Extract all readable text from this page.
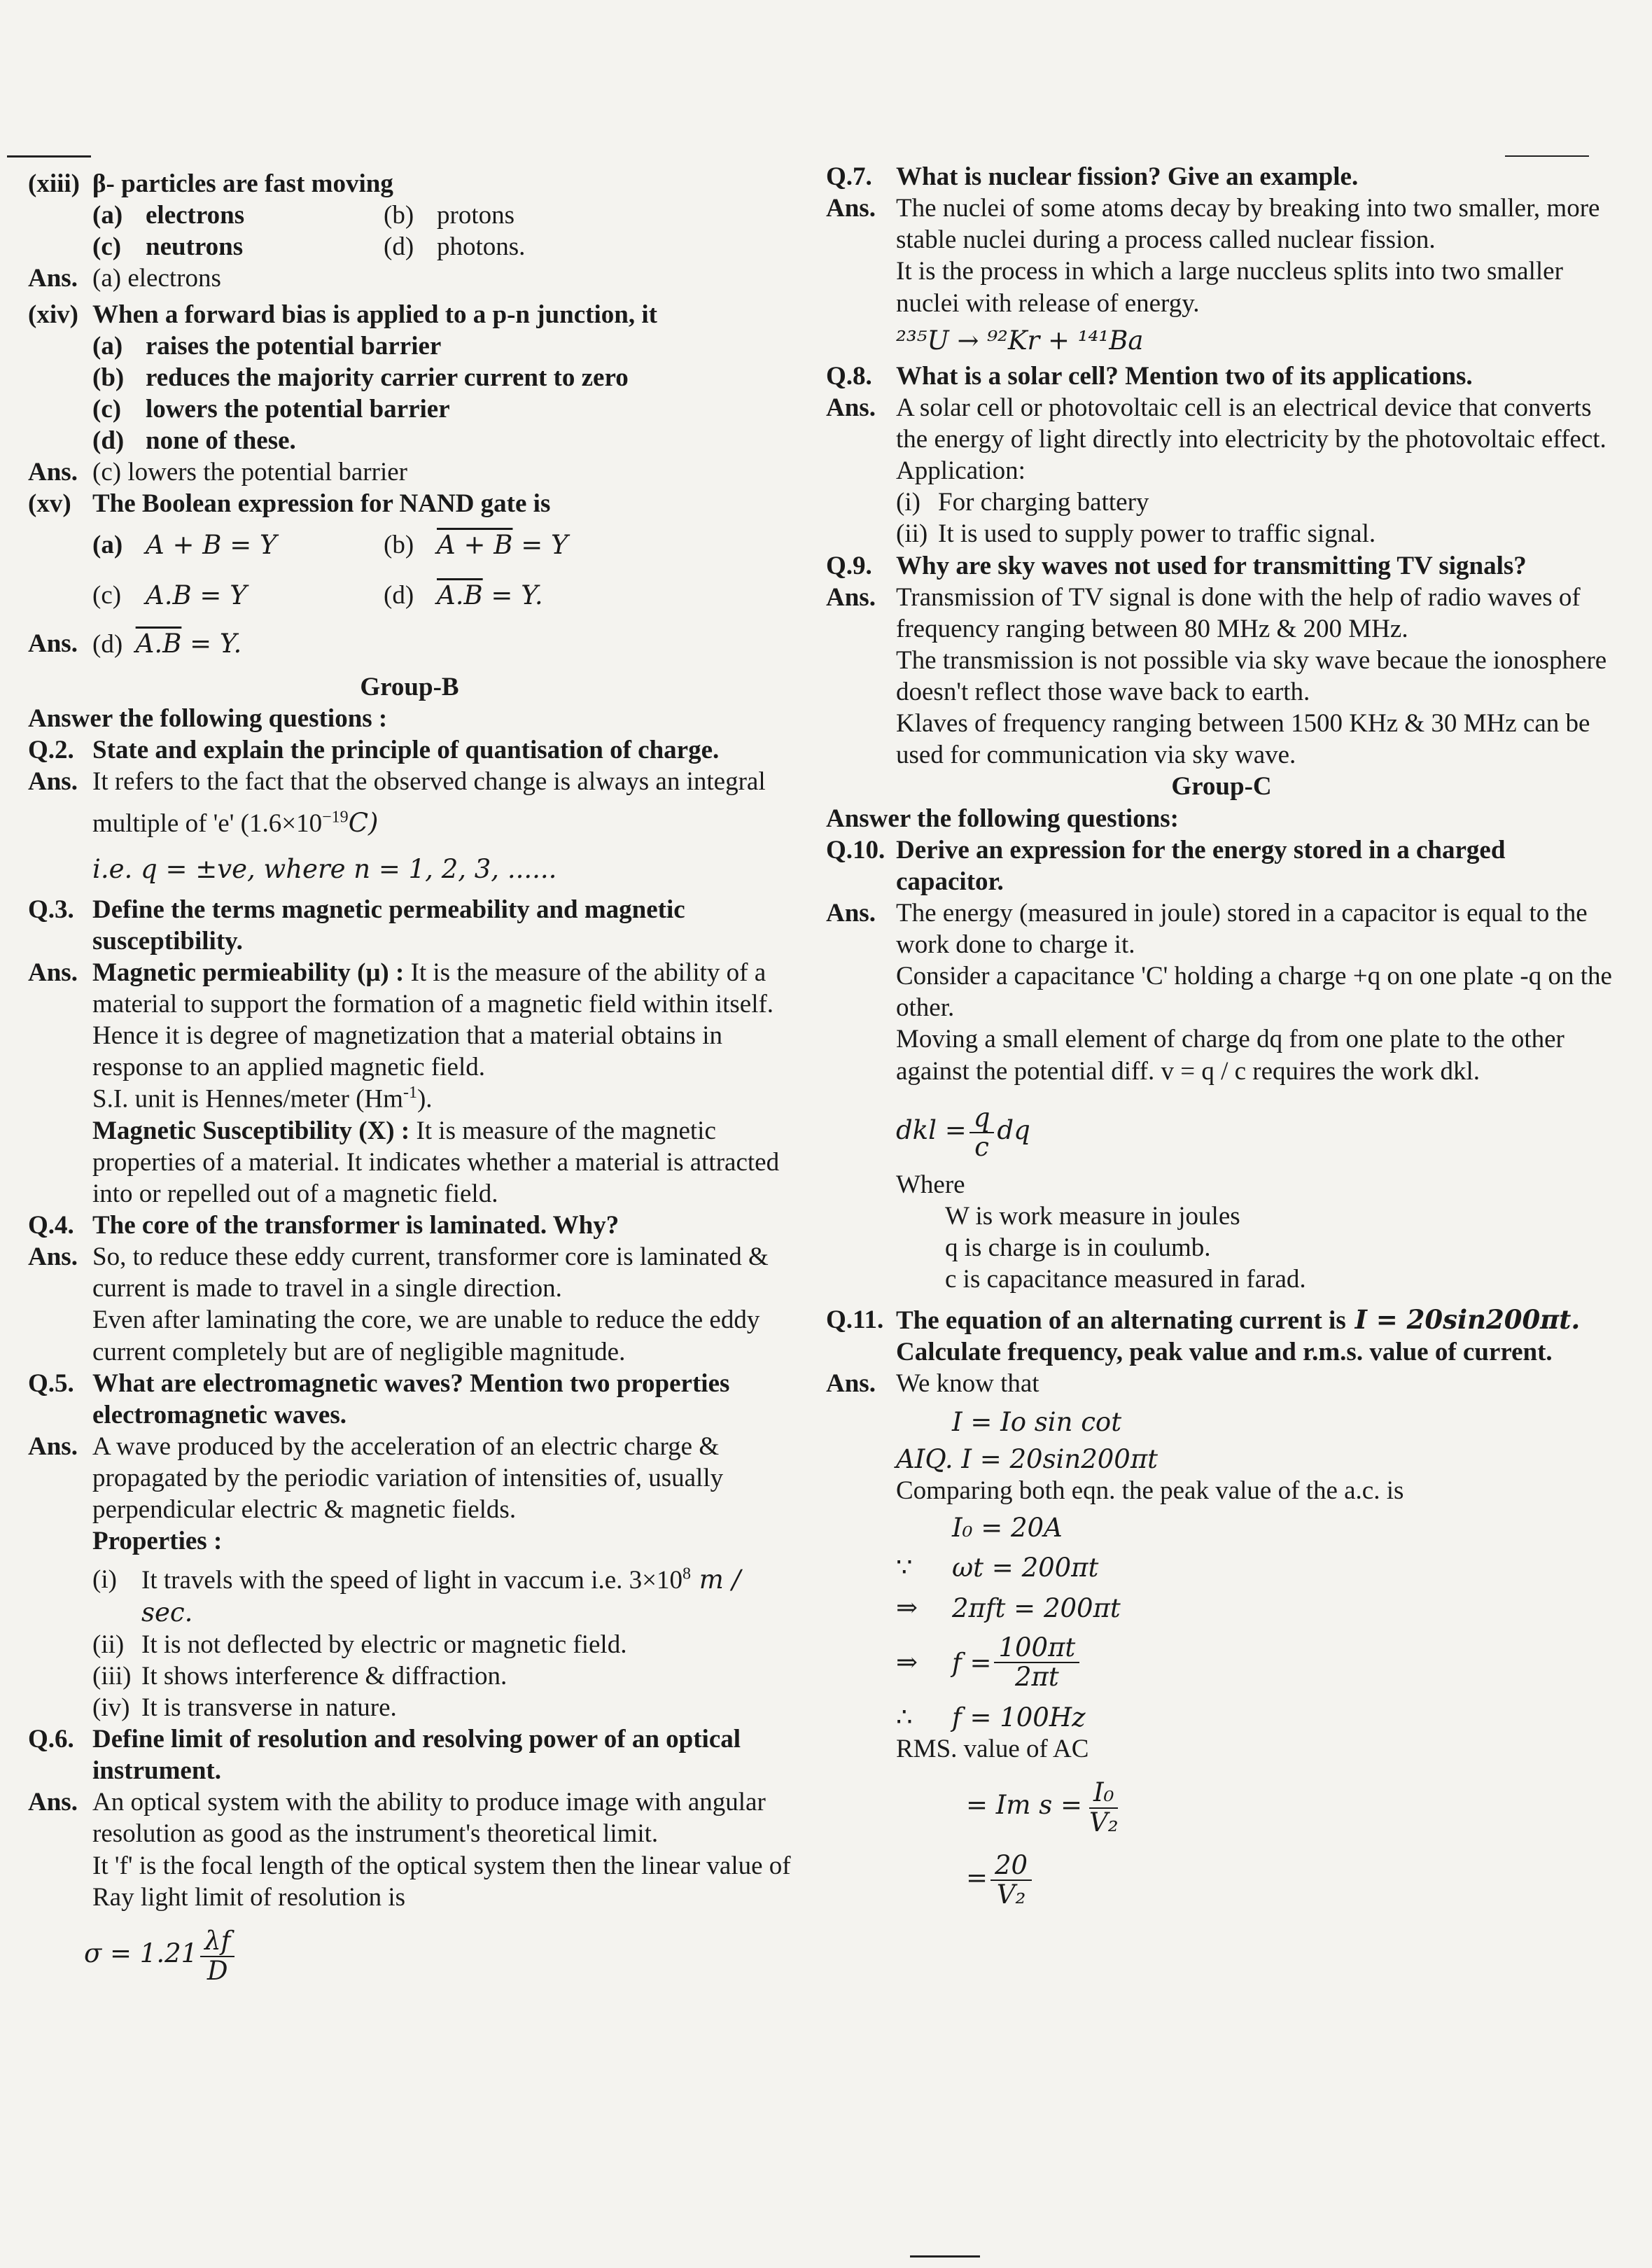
(xiii) β- particles are fast moving
(a) electrons	(b) protons
(c) neutrons	(d) photons.
Ans. (a) electrons
(xiv) When a forward bias is applied to a p-n junction, it
(a) raises the potential barrier
(b) reduces the majority carrier current to zero
(c) lowers the potential barrier
(d) none of these.
Ans. (c) lowers the potential barrier
(xv) The Boolean expression for NAND gate is
(a) A + B = Y	(b) A + B = Y
(c) A.B = Y	(d) A.B = Y.
Ans. (d) A.B = Y.
Group-B
Answer the following questions :
Q.2. State and explain the principle of quantisation of charge.
Ans. It refers to the fact that the observed change is always an integral
multiple of 'e' $(1.6\times 10^{-19}C)$
i.e. q = ±ve, where n = 1, 2, 3, ......
Q.3. Define the terms magnetic permeability and magnetic susceptibility.
Ans. Magnetic permieability (μ) : It is the measure of the ability of a material to support the formation of a magnetic field within itself.
Hence it is degree of magnetization that a material obtains in response to an applied magnetic field.
S.I. unit is Hennes/meter $(Hm^{-1})$.
Magnetic Susceptibility (X) : It is measure of the magnetic properties of a material. It indicates whether a material is attracted into or repelled out of a magnetic field.
Q.4. The core of the transformer is laminated. Why?
Ans. So, to reduce these eddy current, transformer core is laminated & current is made to travel in a single direction.
Even after laminating the core, we are unable to reduce the eddy current completely but are of negligible magnitude.
Q.5. What are electromagnetic waves? Mention two properties electromagnetic waves.
Ans. A wave produced by the acceleration of an electric charge & propagated by the periodic variation of intensities of, usually perpendicular electric & magnetic fields.
Properties :
(i) It travels with the speed of light in vaccum i.e. $3\times 10^8$ m / sec.
(ii) It is not deflected by electric or magnetic field.
(iii) It shows interference & diffraction.
(iv) It is transverse in nature.
Q.6. Define limit of resolution and resolving power of an optical instrument.
Ans. An optical system with the ability to produce image with angular resolution as good as the instrument's theoretical limit.
It 'f' is the focal length of the optical system then the linear value of Ray light limit of resolution is
$\sigma = 1.21 \frac{\lambda f}{D}$
Q.7. What is nuclear fission? Give an example.
Ans. The nuclei of some atoms decay by breaking into two smaller, more stable nuclei during a process called nuclear fission.
It is the process in which a large nuccleus splits into two smaller nuclei with release of energy.
²³⁵U → ⁹²Kr + ¹⁴¹Ba
Q.8. What is a solar cell? Mention two of its applications.
Ans. A solar cell or photovoltaic cell is an electrical device that converts the energy of light directly into electricity by the photovoltaic effect.
Application:
(i) For charging battery
(ii) It is used to supply power to traffic signal.
Q.9. Why are sky waves not used for transmitting TV signals?
Ans. Transmission of TV signal is done with the help of radio waves of frequency ranging between 80 MHz & 200 MHz.
The transmission is not possible via sky wave becaue the ionosphere doesn't reflect those wave back to earth.
Klaves of frequency ranging between 1500 KHz & 30 MHz can be used for communication via sky wave.
Group-C
Answer the following questions:
Q.10. Derive an expression for the energy stored in a charged capacitor.
Ans. The energy (measured in joule) stored in a capacitor is equal to the work done to charge it.
Consider a capacitance 'C' holding a charge +q on one plate -q on the other.
Moving a small element of charge dq from one plate to the other against the potential diff. v = q / c requires the work dkl.
dkl = $\frac{q}{c}$ dq
Where
W is work measure in joules
q is charge is in coulumb.
c is capacitance measured in farad.
Q.11. The equation of an alternating current is I = 20sin200πt.
Calculate frequency, peak value and r.m.s. value of current.
Ans. We know that
I = Io sin cot
AIQ. I = 20sin200πt
Comparing both eqn. the peak value of the a.c. is
I₀ = 20A
∵	ωt = 200πt
⇒	2πft = 200πt
⇒	$f = \frac{100\pi t}{2\pi t}$
∴	f = 100Hz
RMS. value of AC
= Im $s = \frac{\text{I₀}}{\text{V₂}}$
= $\frac{20}{\text{V₂}}$
